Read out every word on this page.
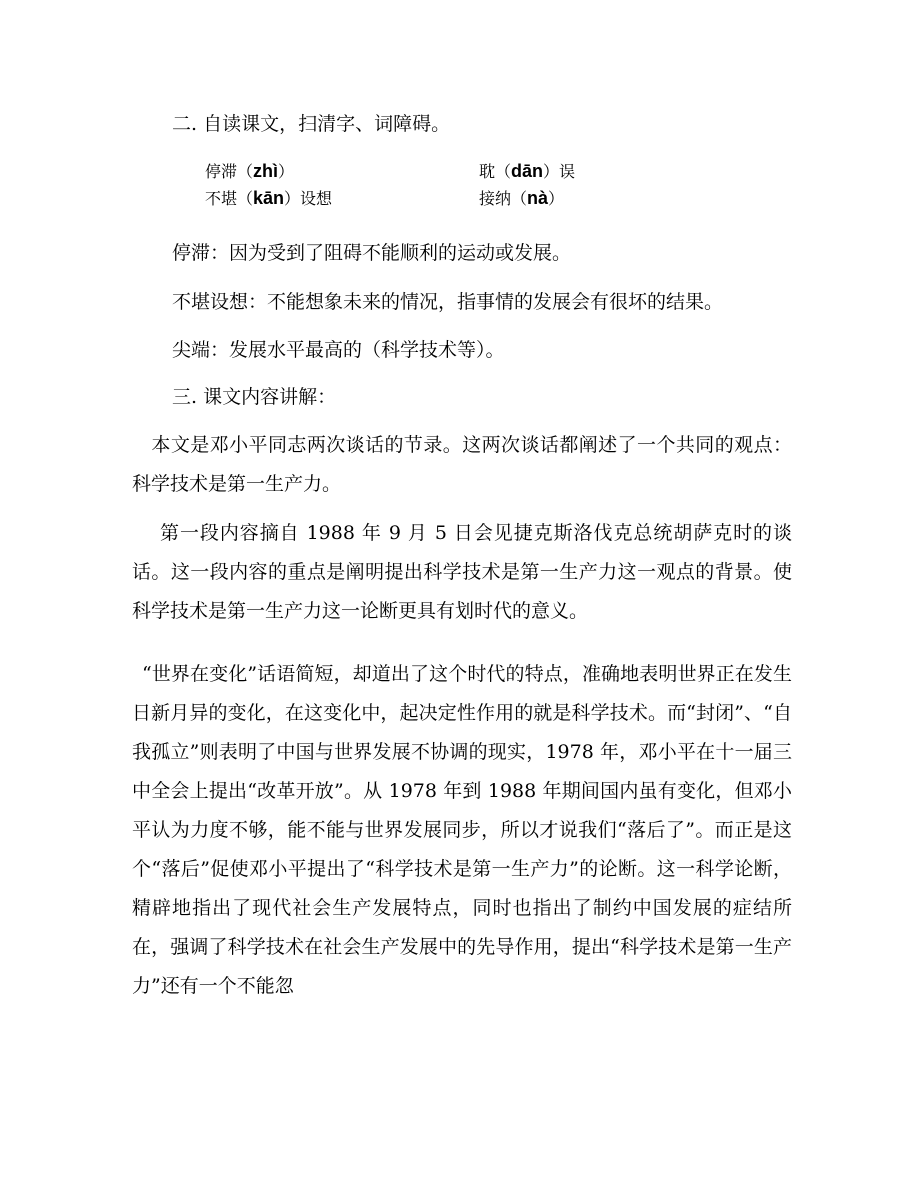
二. 自读课文，扫清字、词障碍。
停滞（zhì）	耽（dān）误
不堪（kān）设想	接纳（nà）
停滞：因为受到了阻碍不能顺利的运动或发展。
不堪设想：不能想象未来的情况，指事情的发展会有很坏的结果。
尖端：发展水平最高的（科学技术等）。
三. 课文内容讲解：
　本文是邓小平同志两次谈话的节录。这两次谈话都阐述了一个共同的观点：科学技术是第一生产力。
第一段内容摘自 1988 年 9 月 5 日会见捷克斯洛伐克总统胡萨克时的谈话。这一段内容的重点是阐明提出科学技术是第一生产力这一观点的背景。使科学技术是第一生产力这一论断更具有划时代的意义。
“世界在变化”话语简短，却道出了这个时代的特点，准确地表明世界正在发生日新月异的变化，在这变化中，起决定性作用的就是科学技术。而“封闭”、“自我孤立”则表明了中国与世界发展不协调的现实，1978 年，邓小平在十一届三中全会上提出“改革开放”。从 1978 年到 1988 年期间国内虽有变化，但邓小平认为力度不够，能不能与世界发展同步，所以才说我们“落后了”。而正是这个“落后”促使邓小平提出了“科学技术是第一生产力”的论断。这一科学论断，精辟地指出了现代社会生产发展特点，同时也指出了制约中国发展的症结所在，强调了科学技术在社会生产发展中的先导作用，提出“科学技术是第一生产力”还有一个不能忽
